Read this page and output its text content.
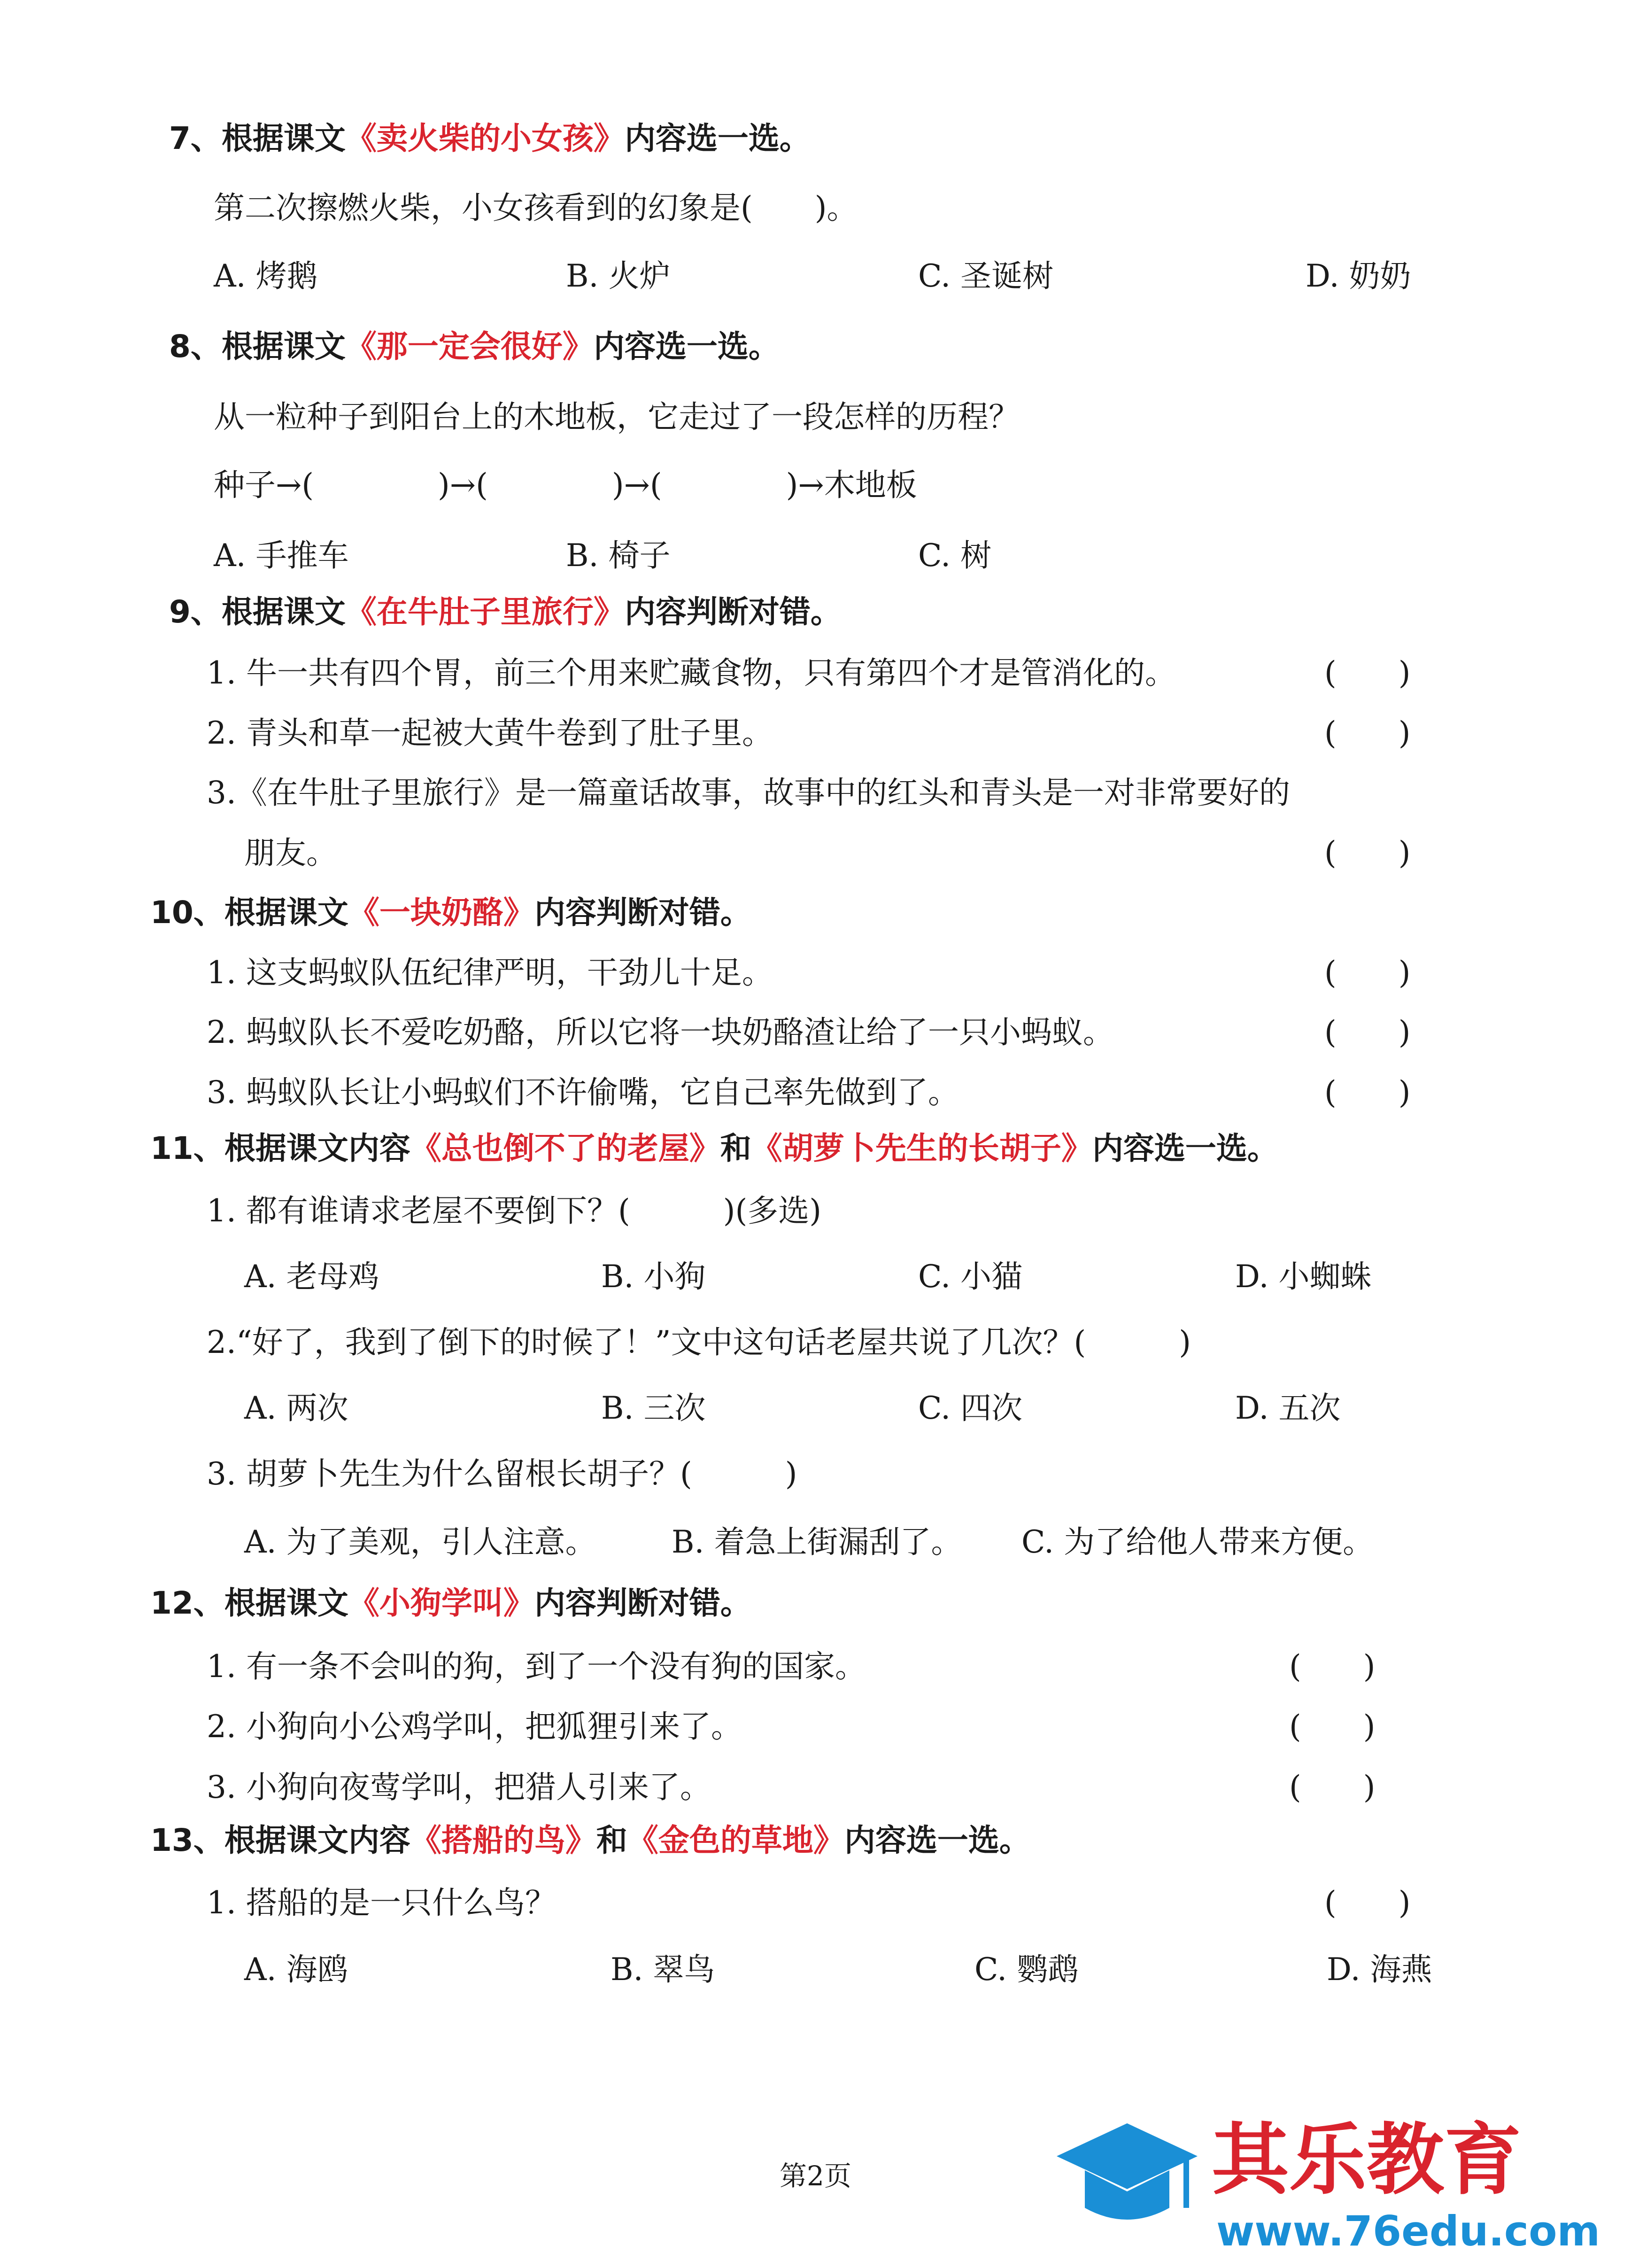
7、根据课文《卖火柴的小女孩》内容选一选。
第二次擦燃火柴，小女孩看到的幻象是(　　)。
A. 烤鹅	B. 火炉	C. 圣诞树	D. 奶奶
8、根据课文《那一定会很好》内容选一选。
从一粒种子到阳台上的木地板，它走过了一段怎样的历程？
种子→(　　　　)→(　　　　)→(　　　　)→木地板
A. 手推车	B. 椅子	C. 树
9、根据课文《在牛肚子里旅行》内容判断对错。
1. 牛一共有四个胃，前三个用来贮藏食物，只有第四个才是管消化的。	(　　)
2. 青头和草一起被大黄牛卷到了肚子里。	(　　)
3.《在牛肚子里旅行》是一篇童话故事，故事中的红头和青头是一对非常要好的
朋友。	(　　)
10、根据课文《一块奶酪》内容判断对错。
1. 这支蚂蚁队伍纪律严明，干劲儿十足。	(　　)
2. 蚂蚁队长不爱吃奶酪，所以它将一块奶酪渣让给了一只小蚂蚁。	(　　)
3. 蚂蚁队长让小蚂蚁们不许偷嘴，它自己率先做到了。	(　　)
11、根据课文内容《总也倒不了的老屋》和《胡萝卜先生的长胡子》内容选一选。
1. 都有谁请求老屋不要倒下？(　　　)(多选)
A. 老母鸡	B. 小狗	C. 小猫	D. 小蜘蛛
2.“好了，我到了倒下的时候了！”文中这句话老屋共说了几次？(　　　)
A. 两次	B. 三次	C. 四次	D. 五次
3. 胡萝卜先生为什么留根长胡子？(　　　)
A. 为了美观，引人注意。 B. 着急上街漏刮了。 C. 为了给他人带来方便。
12、根据课文《小狗学叫》内容判断对错。
1. 有一条不会叫的狗，到了一个没有狗的国家。	(　　)
2. 小狗向小公鸡学叫，把狐狸引来了。	(　　)
3. 小狗向夜莺学叫，把猎人引来了。	(　　)
13、根据课文内容《搭船的鸟》和《金色的草地》内容选一选。
1. 搭船的是一只什么鸟？	(　　)
A. 海鸥	B. 翠鸟	C. 鹦鹉	D. 海燕
第2页	其乐教育
www.76edu.com
